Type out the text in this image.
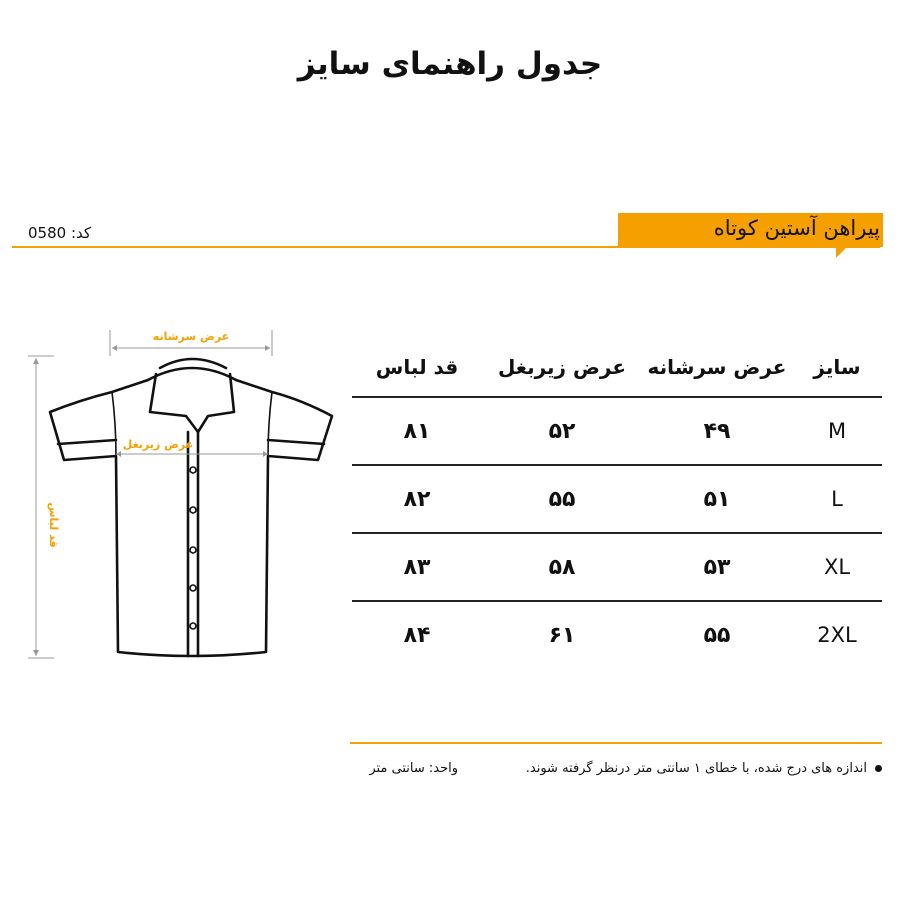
جدول راهنمای سایز
پیراهن آستین کوتاه
کد: 0580
عرض سرشانه
قد لباس
عرض زیربغل
سایز	عرض سرشانه	عرض زیربغل	قد لباس
M	۴۹	۵۲	۸۱
L	۵۱	۵۵	۸۲
XL	۵۳	۵۸	۸۳
2XL	۵۵	۶۱	۸۴
اندازه های درج شده، با خطای ۱ سانتی متر درنظر گرفته شوند.
واحد: سانتی متر
